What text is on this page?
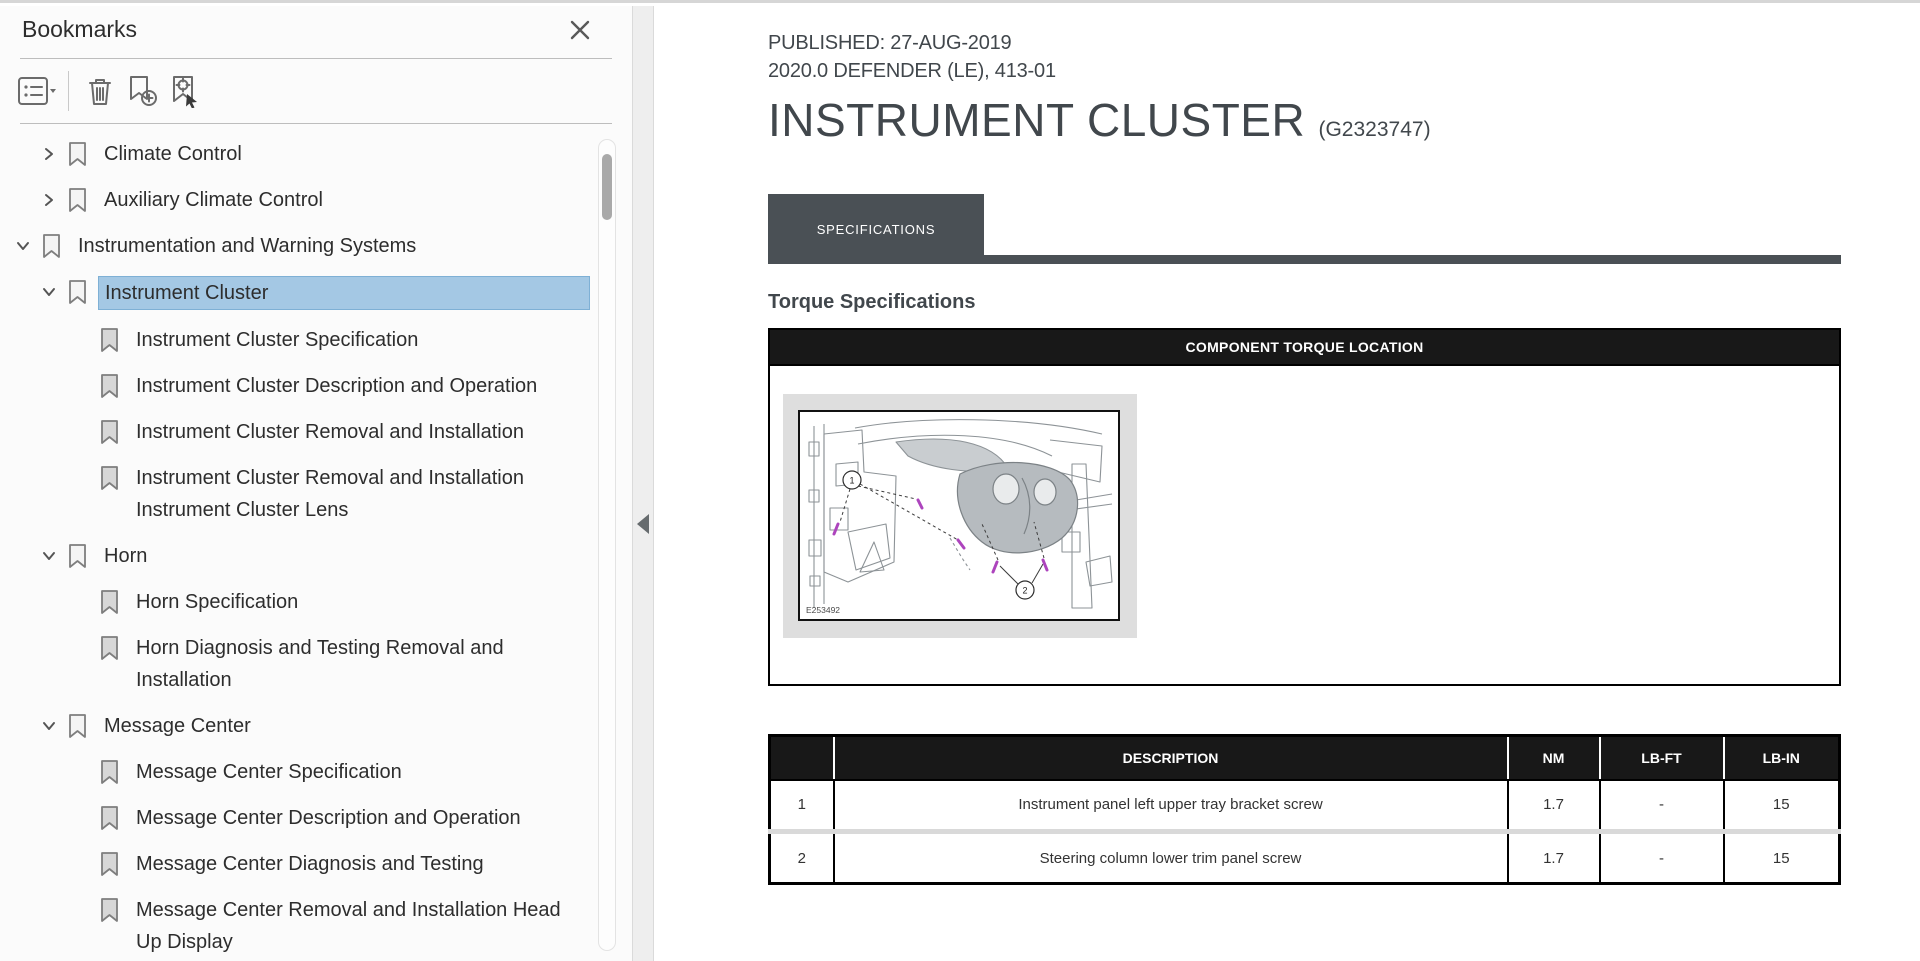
Bookmarks
Climate Control
Auxiliary Climate Control
Instrumentation and Warning Systems
Instrument Cluster
Instrument Cluster Specification
Instrument Cluster Description and Operation
Instrument Cluster Removal and Installation
Instrument Cluster Removal and Installation Instrument Cluster Lens
Horn
Horn Specification
Horn Diagnosis and Testing Removal and Installation
Message Center
Message Center Specification
Message Center Description and Operation
Message Center Diagnosis and Testing
Message Center Removal and Installation Head Up Display
PUBLISHED: 27-AUG-2019
2020.0 DEFENDER (LE), 413-01
INSTRUMENT CLUSTER (G2323747)
SPECIFICATIONS
Torque Specifications
COMPONENT TORQUE LOCATION
1
2
E253492
	DESCRIPTION	NM	LB-FT	LB-IN
1	Instrument panel left upper tray bracket screw	1.7	-	15
2	Steering column lower trim panel screw	1.7	-	15
